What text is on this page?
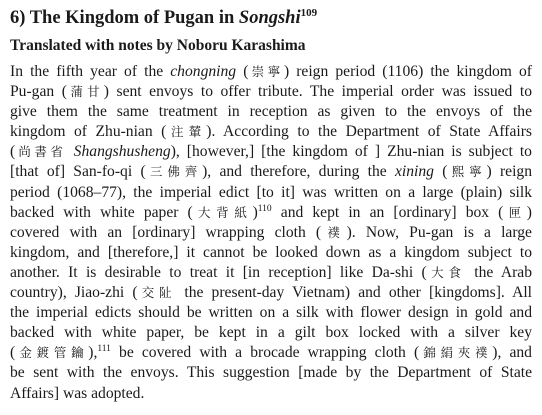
6) The Kingdom of Pugan in Songshi$^{109}$
Translated with notes by Noboru Karashima
In the fifth year of the chongning (崇寧) reign period (1106) the kingdom of
Pu-gan (蒲甘) sent envoys to offer tribute. The imperial order was issued to
give them the same treatment in reception as given to the envoys of the
kingdom of Zhu-nian (注輦). According to the Department of State Affairs
(尚書省 Shangshusheng), [however,] [the kingdom of ] Zhu-nian is subject to
[that of] San-fo-qi (三佛齊), and therefore, during the xining (熙寧) reign
period (1068–77), the imperial edict [to it] was written on a large (plain) silk
backed with white paper (大背紙)$^{110}$ and kept in an [ordinary] box (匣)
covered with an [ordinary] wrapping cloth (襆). Now, Pu-gan is a large
kingdom, and [therefore,] it cannot be looked down as a kingdom subject to
another. It is desirable to treat it [in reception] like Da-shi (大食 the Arab
country), Jiao-zhi (交阯 the present-day Vietnam) and other [kingdoms]. All
the imperial edicts should be written on a silk with flower design in gold and
backed with white paper, be kept in a gilt box locked with a silver key
(金鍍管鑰),$^{111}$ be covered with a brocade wrapping cloth (錦絹夾襆), and
be sent with the envoys. This suggestion [made by the Department of State
Affairs] was adopted.
